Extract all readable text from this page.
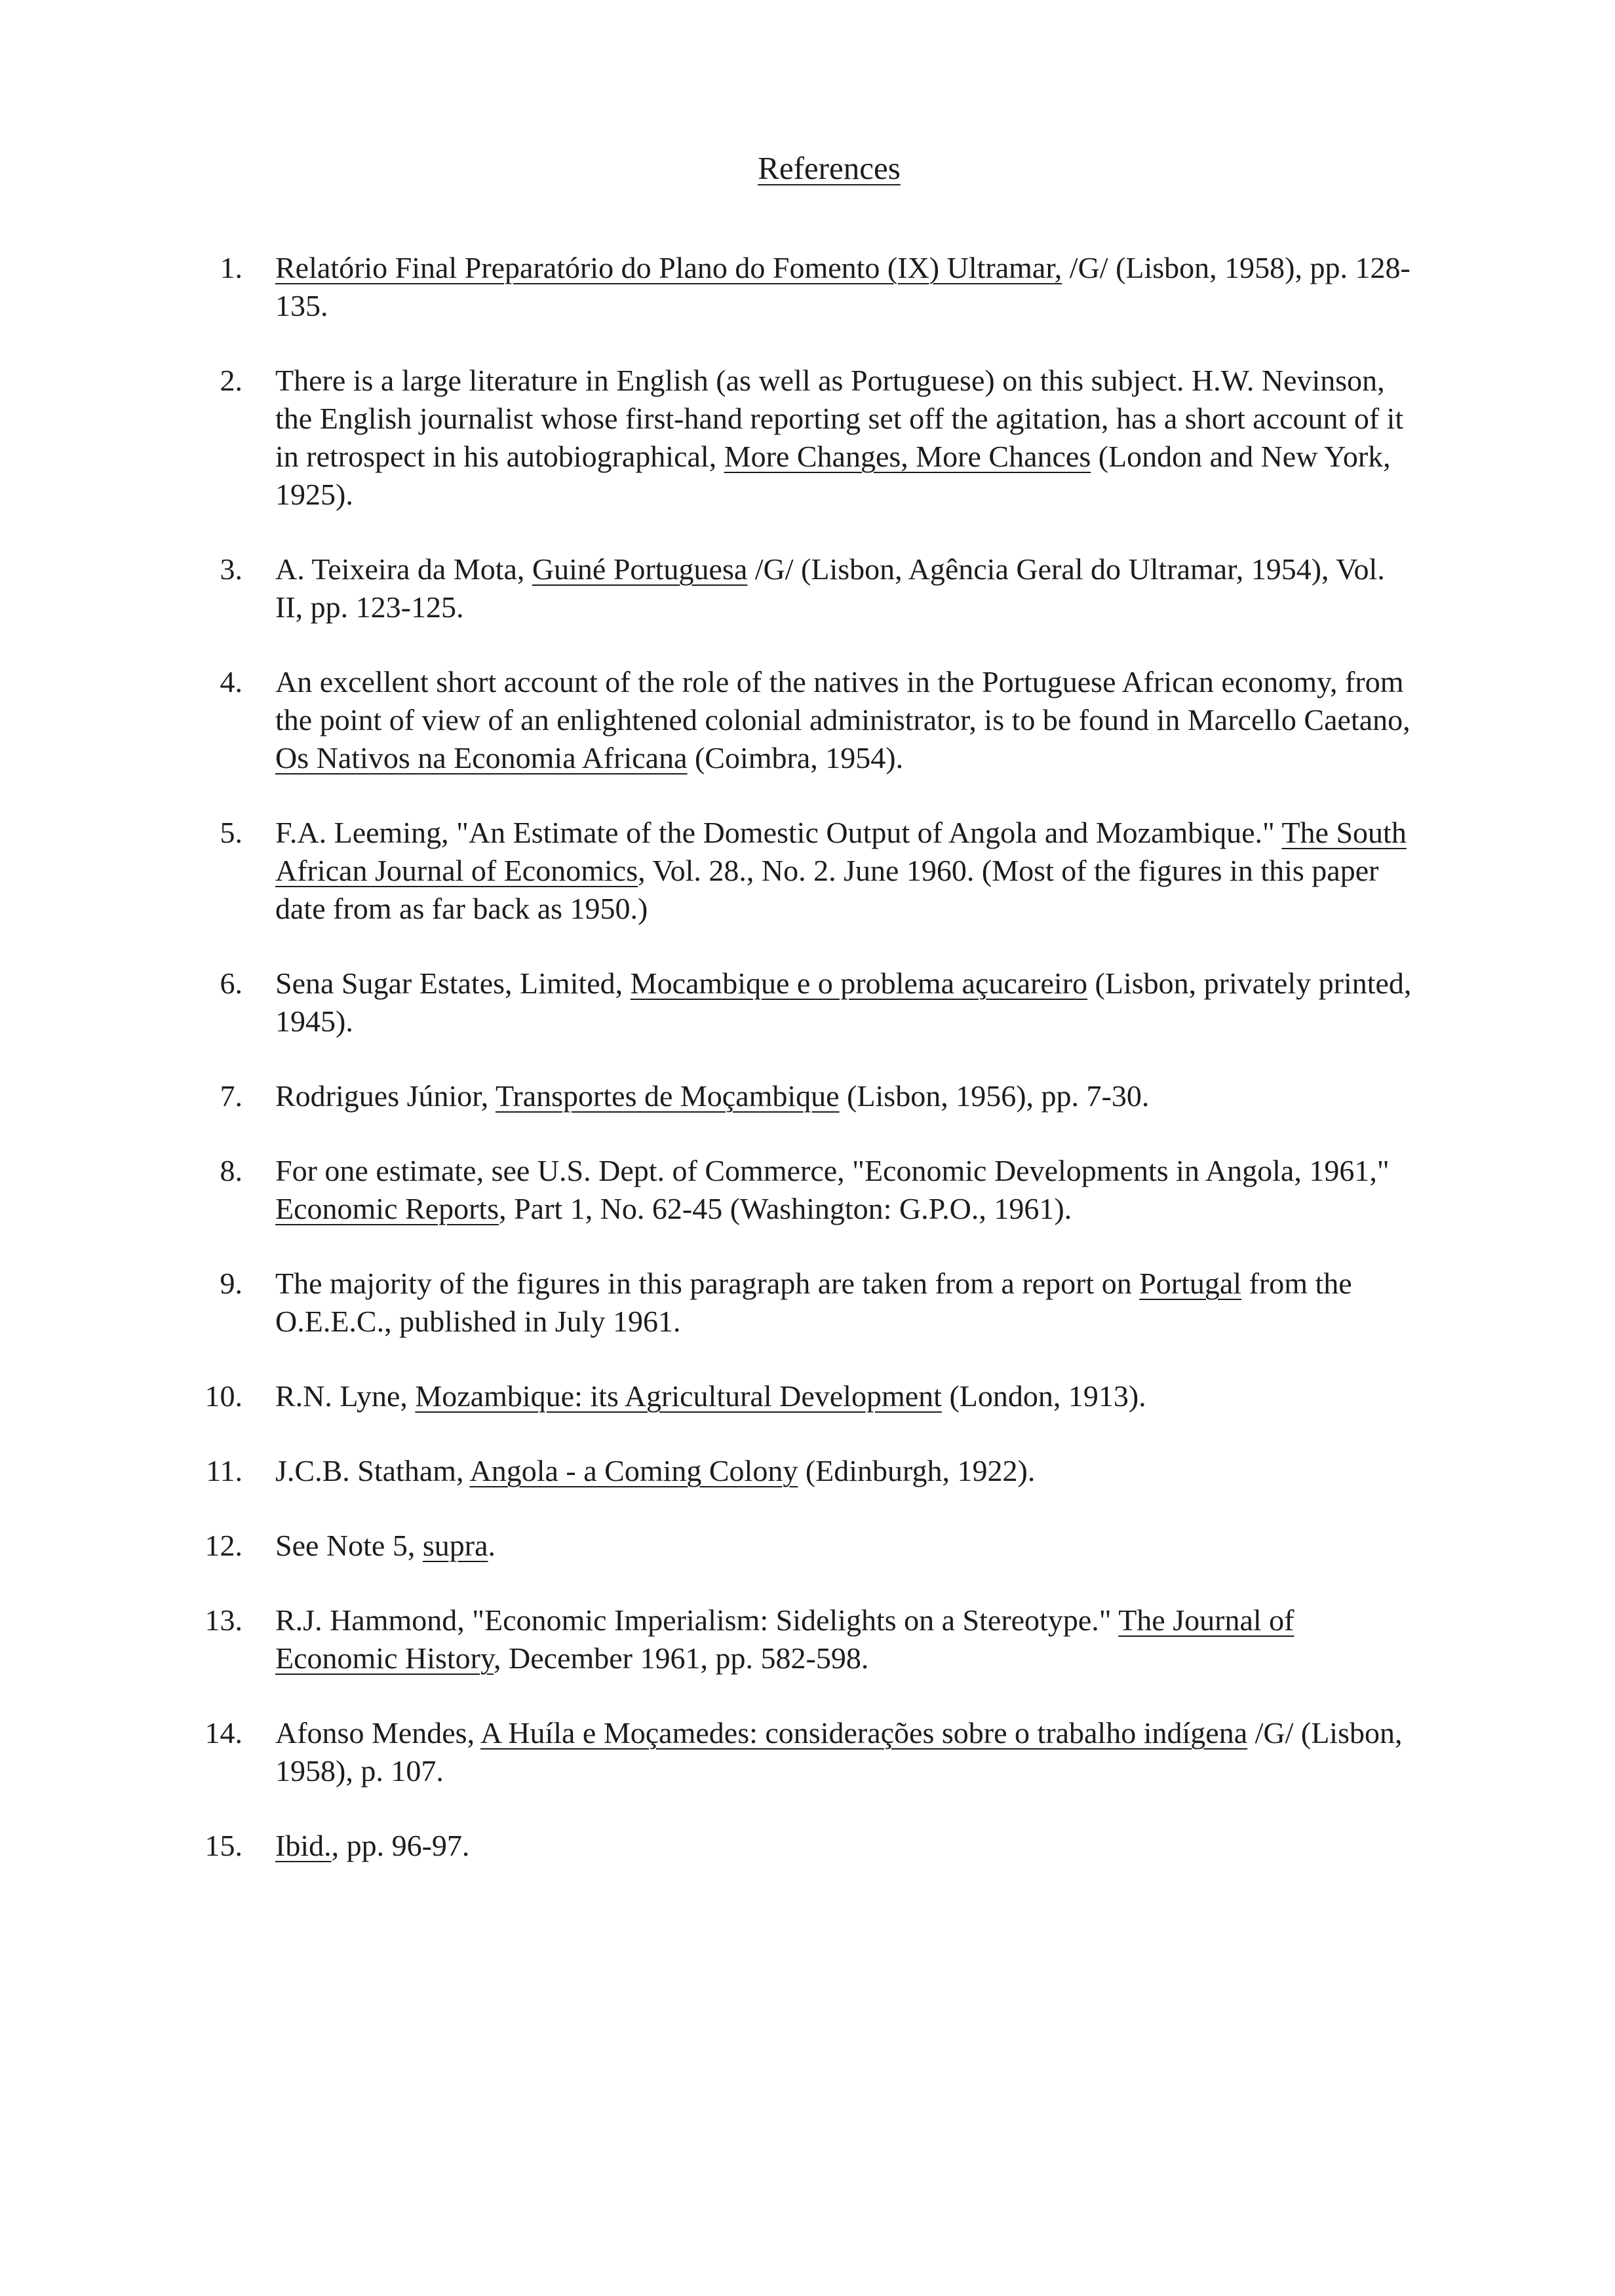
References
1. Relatório Final Preparatório do Plano do Fomento (IX) Ultramar, /G/ (Lisbon, 1958), pp. 128-135.
2. There is a large literature in English (as well as Portuguese) on this subject. H.W. Nevinson, the English journalist whose first-hand reporting set off the agitation, has a short account of it in retrospect in his autobiographical, More Changes, More Chances (London and New York, 1925).
3. A. Teixeira da Mota, Guiné Portuguesa /G/ (Lisbon, Agência Geral do Ultramar, 1954), Vol. II, pp. 123-125.
4. An excellent short account of the role of the natives in the Portuguese African economy, from the point of view of an enlightened colonial administrator, is to be found in Marcello Caetano, Os Nativos na Economia Africana (Coimbra, 1954).
5. F.A. Leeming, "An Estimate of the Domestic Output of Angola and Mozambique." The South African Journal of Economics, Vol. 28., No. 2. June 1960. (Most of the figures in this paper date from as far back as 1950.)
6. Sena Sugar Estates, Limited, Mocambique e o problema açucareiro (Lisbon, privately printed, 1945).
7. Rodrigues Júnior, Transportes de Moçambique (Lisbon, 1956), pp. 7-30.
8. For one estimate, see U.S. Dept. of Commerce, "Economic Developments in Angola, 1961," Economic Reports, Part 1, No. 62-45 (Washington: G.P.O., 1961).
9. The majority of the figures in this paragraph are taken from a report on Portugal from the O.E.E.C., published in July 1961.
10. R.N. Lyne, Mozambique: its Agricultural Development (London, 1913).
11. J.C.B. Statham, Angola - a Coming Colony (Edinburgh, 1922).
12. See Note 5, supra.
13. R.J. Hammond, "Economic Imperialism: Sidelights on a Stereotype." The Journal of Economic History, December 1961, pp. 582-598.
14. Afonso Mendes, A Huíla e Moçamedes: considerações sobre o trabalho indígena /G/ (Lisbon, 1958), p. 107.
15. Ibid., pp. 96-97.
